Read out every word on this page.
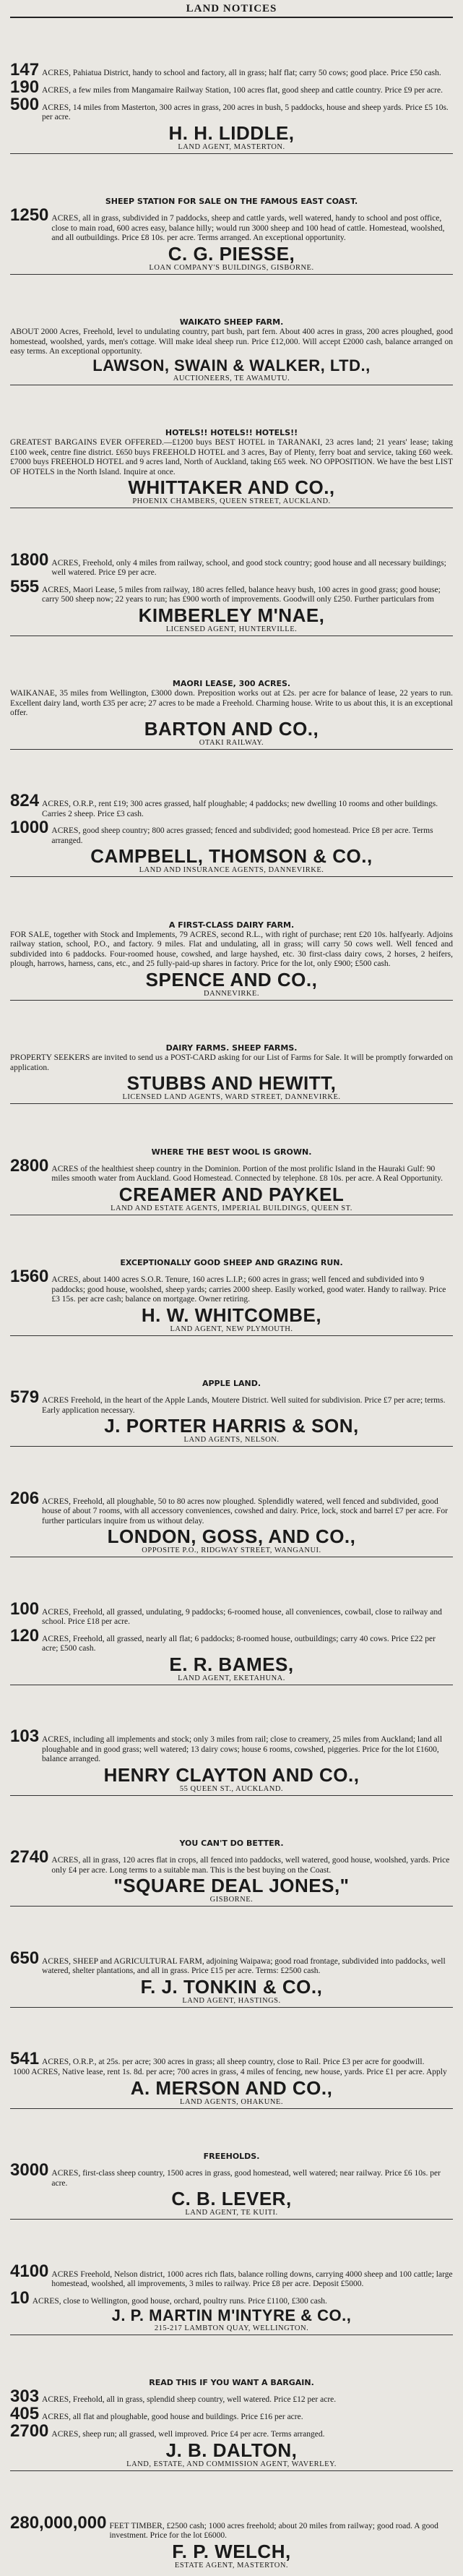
LAND NOTICES
147 ACRES, Pahiatua District, handy to school and factory, all in grass; half flat; carry 50 cows; good place. Price £50 cash.
190 ACRES, a few miles from Mangamaire Railway Station, 100 acres flat, good sheep and cattle country. Price £9 per acre.
500 ACRES, 14 miles from Masterton, 300 acres in grass, 200 acres in bush, 5 paddocks, house and sheep yards. Price £5 10s. per acre.
H. H. LIDDLE,
LAND AGENT, MASTERTON.
SHEEP STATION FOR SALE ON THE FAMOUS EAST COAST.
1250 ACRES, all in grass, subdivided in 7 paddocks, sheep and cattle yards, well watered, handy to school and post office, close to main road, 600 acres easy, balance hilly; would run 3000 sheep and 100 head of cattle. Homestead, woolshed, and all outbuildings. Price £8 10s. per acre. Terms arranged. An exceptional opportunity.
C. G. PIESSE,
LOAN COMPANY'S BUILDINGS, GISBORNE.
WAIKATO SHEEP FARM.

ABOUT 2000 Acres, Freehold, level to undulating country, part bush, part fern. About 400 acres in grass, 200 acres ploughed, good homestead, woolshed, yards, men's cottage. Will make ideal sheep run. Price £12,000. Will accept £2000 cash, balance arranged on easy terms. An exceptional opportunity.

LAWSON, SWAIN & WALKER, LTD.,
AUCTIONEERS, TE AWAMUTU.
HOTELS!! HOTELS!! HOTELS!!

GREATEST BARGAINS EVER OFFERED.—£1200 buys BEST HOTEL in TARANAKI, 23 acres land; 21 years' lease; taking £100 week, centre fine district. £650 buys FREEHOLD HOTEL and 3 acres, Bay of Plenty, ferry boat and service, taking £60 week. £7000 buys FREEHOLD HOTEL and 9 acres land, North of Auckland, taking £65 week. NO OPPOSITION. We have the best LIST OF HOTELS in the North Island. Inquire at once.

WHITTAKER AND CO.,
PHOENIX CHAMBERS, QUEEN STREET, AUCKLAND.
1800 ACRES, Freehold, only 4 miles from railway, school, and good stock country; good house and all necessary buildings; well watered. Price £9 per acre.
555 ACRES, Maori Lease, 5 miles from railway, 180 acres felled, balance heavy bush, 100 acres in good grass; good house; carry 500 sheep now; 22 years to run; has £900 worth of improvements. Goodwill only £250. Further particulars from
KIMBERLEY M'NAE,
LICENSED AGENT, HUNTERVILLE.
MAORI LEASE, 300 ACRES.

WAIKANAE, 35 miles from Wellington, £3000 down. Preposition works out at £2s. per acre for balance of lease, 22 years to run. Excellent dairy land, worth £35 per acre; 27 acres to be made a Freehold. Charming house. Write to us about this, it is an exceptional offer.

BARTON AND CO.,
OTAKI RAILWAY.
824 ACRES, O.R.P., rent £19; 300 acres grassed, half ploughable; 4 paddocks; new dwelling 10 rooms and other buildings. Carries 2 sheep. Price £3 cash.
1000 ACRES, good sheep country; 800 acres grassed; fenced and subdivided; good homestead. Price £8 per acre. Terms arranged.
CAMPBELL, THOMSON & CO.,
LAND AND INSURANCE AGENTS, DANNEVIRKE.
A FIRST-CLASS DAIRY FARM.

FOR SALE, together with Stock and Implements, 79 ACRES, second R.L., with right of purchase; rent £20 10s. halfyearly. Adjoins railway station, school, P.O., and factory. 9 miles. Flat and undulating, all in grass; will carry 50 cows well. Well fenced and subdivided into 6 paddocks. Four-roomed house, cowshed, and large hayshed, etc. 30 first-class dairy cows, 2 horses, 2 heifers, plough, harrows, harness, cans, etc., and 25 fully-paid-up shares in factory. Price for the lot, only £900; £500 cash.

SPENCE AND CO.,
DANNEVIRKE.
DAIRY FARMS. SHEEP FARMS.

PROPERTY SEEKERS are invited to send us a POST-CARD asking for our List of Farms for Sale. It will be promptly forwarded on application.

STUBBS AND HEWITT,
LICENSED LAND AGENTS, WARD STREET, DANNEVIRKE.
WHERE THE BEST WOOL IS GROWN.
2800 ACRES of the healthiest sheep country in the Dominion. Portion of the most prolific Island in the Hauraki Gulf: 90 miles smooth water from Auckland. Good Homestead. Connected by telephone. £8 10s. per acre. A Real Opportunity.
CREAMER AND PAYKEL
LAND AND ESTATE AGENTS, IMPERIAL BUILDINGS, QUEEN ST.
EXCEPTIONALLY GOOD SHEEP AND GRAZING RUN.
1560 ACRES, about 1400 acres S.O.R. Tenure, 160 acres L.I.P.; 600 acres in grass; well fenced and subdivided into 9 paddocks; good house, woolshed, sheep yards; carries 2000 sheep. Easily worked, good water. Handy to railway. Price £3 15s. per acre cash; balance on mortgage. Owner retiring.
H. W. WHITCOMBE,
LAND AGENT, NEW PLYMOUTH.
APPLE LAND.
579 ACRES Freehold, in the heart of the Apple Lands, Moutere District. Well suited for subdivision. Price £7 per acre; terms. Early application necessary.
J. PORTER HARRIS & SON,
LAND AGENTS, NELSON.
206 ACRES, Freehold, all ploughable, 50 to 80 acres now ploughed. Splendidly watered, well fenced and subdivided, good house of about 7 rooms, with all accessory conveniences, cowshed and dairy. Price, lock, stock and barrel £7 per acre. For further particulars inquire from us without delay.
LONDON, GOSS, AND CO.,
OPPOSITE P.O., RIDGWAY STREET, WANGANUI.
100 ACRES, Freehold, all grassed, undulating, 9 paddocks; 6-roomed house, all conveniences, cowbail, close to railway and school. Price £18 per acre.
120 ACRES, Freehold, all grassed, nearly all flat; 6 paddocks; 8-roomed house, outbuildings; carry 40 cows. Price £22 per acre; £500 cash.
E. R. BAMES,
LAND AGENT, EKETAHUNA.
103 ACRES, including all implements and stock; only 3 miles from rail; close to creamery, 25 miles from Auckland; land all ploughable and in good grass; well watered; 13 dairy cows; house 6 rooms, cowshed, piggeries. Price for the lot £1600, balance arranged.
HENRY CLAYTON AND CO.,
55 QUEEN ST., AUCKLAND.
YOU CAN'T DO BETTER.
2740 ACRES, all in grass, 120 acres flat in crops, all fenced into paddocks, well watered, good house, woolshed, yards. Price only £4 per acre. Long terms to a suitable man. This is the best buying on the Coast.
"SQUARE DEAL JONES,"
GISBORNE.
650 ACRES, SHEEP and AGRICULTURAL FARM, adjoining Waipawa; good road frontage, subdivided into paddocks, well watered, shelter plantations, and all in grass. Price £15 per acre. Terms: £2500 cash.
F. J. TONKIN & CO.,
LAND AGENT, HASTINGS.
541 ACRES, O.R.P., at 25s. per acre; 300 acres in grass; all sheep country, close to Rail. Price £3 per acre for goodwill.
1000 ACRES, Native lease, rent 1s. 8d. per acre; 700 acres in grass, 4 miles of fencing, new house, yards. Price £1 per acre. Apply
A. MERSON AND CO.,
LAND AGENTS, OHAKUNE.
FREEHOLDS.
3000 ACRES, first-class sheep country, 1500 acres in grass, good homestead, well watered; near railway. Price £6 10s. per acre.
C. B. LEVER,
LAND AGENT, TE KUITI.
4100 ACRES Freehold, Nelson district, 1000 acres rich flats, balance rolling downs, carrying 4000 sheep and 100 cattle; large homestead, woolshed, all improvements, 3 miles to railway. Price £8 per acre. Deposit £5000.
10 ACRES, close to Wellington, good house, orchard, poultry runs. Price £1100, £300 cash.
J. P. MARTIN M'INTYRE & CO.,
215-217 LAMBTON QUAY, WELLINGTON.
READ THIS IF YOU WANT A BARGAIN.
303 ACRES, Freehold, all in grass, splendid sheep country, well watered. Price £12 per acre.
405 ACRES, all flat and ploughable, good house and buildings. Price £16 per acre.
2700 ACRES, sheep run; all grassed, well improved. Price £4 per acre. Terms arranged.
J. B. DALTON,
LAND, ESTATE, AND COMMISSION AGENT, WAVERLEY.
280,000,000 FEET TIMBER, £2500 cash; 1000 acres freehold; about 20 miles from railway; good road. A good investment. Price for the lot £6000.
F. P. WELCH,
ESTATE AGENT, MASTERTON.
